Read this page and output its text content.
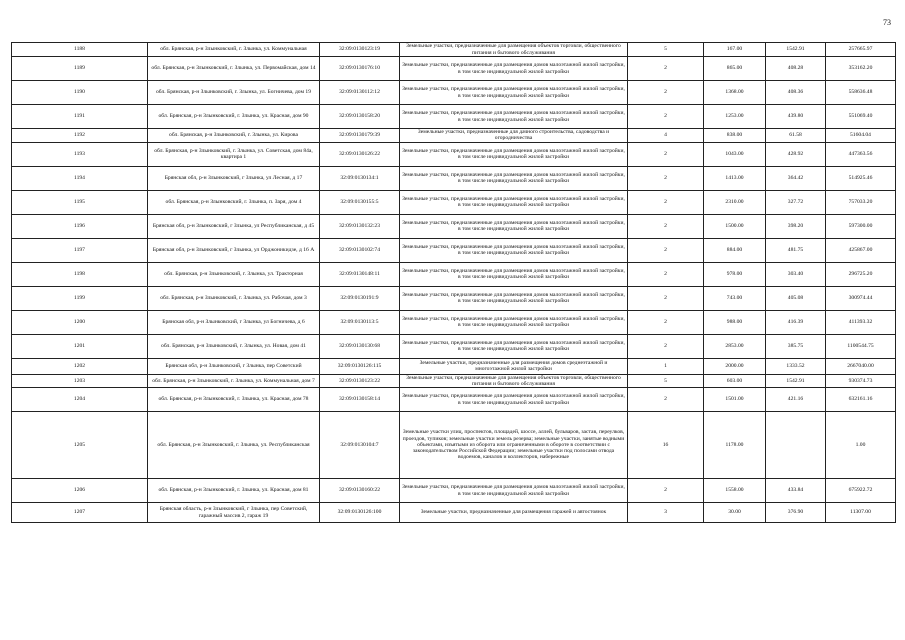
73
1188	обл. Брянская, р-н Злынковский, г. Злынка, ул. Коммунальная	32:09:0130123:19	Земельные участки, предназначенные для размещения объектов торговли, общественного питания и бытового обслуживания	5	167.00	1542.91	257665.97
1189	обл. Брянская, р-н Злынковский, г. Злынка, ул. Первомайская, дом 14	32:09:0130176:10	Земельные участки, предназначенные для размещения домов малоэтажной жилой застройки, в том числе индивидуальной жилой застройки	2	865.00	408.28	353162.20
1190	обл. Брянская, р-н Злынковский, г. Злынка, ул. Богничева, дом 19	32:09:0130112:12	Земельные участки, предназначенные для размещения домов малоэтажной жилой застройки, в том числе индивидуальной жилой застройки	2	1368.00	408.36	558636.48
1191	обл. Брянская, р-н Злынковский, г. Злынка, ул. Красная, дом 90	32:09:0130158:20	Земельные участки, предназначенные для размещения домов малоэтажной жилой застройки, в том числе индивидуальной жилой застройки	2	1253.00	439.80	551069.40
1192	обл. Брянская, р-н Злынковский, г. Злынка, ул. Кирова	32:09:0130179:39	Земельные участки, предназначенные для дачного строительства, садоводства и огородничества	4	838.00	61.58	51604.04
1193	обл. Брянская, р-н Злынковский, г. Злынка, ул. Советская, дом 84а, квартира 1	32:09:0130126:22	Земельные участки, предназначенные для размещения домов малоэтажной жилой застройки, в том числе индивидуальной жилой застройки	2	1043.00	428.92	447363.56
1194	Брянская обл, р-н Злынковский, г Злынка, ул Лесная, д 17	32:09:0130134:1	Земельные участки, предназначенные для размещения домов малоэтажной жилой застройки, в том числе индивидуальной жилой застройки	2	1413.00	364.42	514925.46
1195	обл. Брянская, р-н Злынковский, г. Злынка, п. Заря, дом 4	32:09:0130155:5	Земельные участки, предназначенные для размещения домов малоэтажной жилой застройки, в том числе индивидуальной жилой застройки	2	2310.00	327.72	757033.20
1196	Брянская обл, р-н Злынковский, г Злынка, ул Республиканская, д 45	32:09:0130132:23	Земельные участки, предназначенные для размещения домов малоэтажной жилой застройки, в том числе индивидуальной жилой застройки	2	1500.00	398.20	597300.00
1197	Брянская обл, р-н Злынковский, г Злынка, ул Орджоникидзе, д 16 А	32:09:0130102:74	Земельные участки, предназначенные для размещения домов малоэтажной жилой застройки, в том числе индивидуальной жилой застройки	2	884.00	481.75	425867.00
1198	обл. Брянская, р-н Злынковский, г. Злынка, ул. Тракторная	32:09:0130148:11	Земельные участки, предназначенные для размещения домов малоэтажной жилой застройки, в том числе индивидуальной жилой застройки	2	978.00	303.40	296725.20
1199	обл. Брянская, р-н Злынковский, г. Злынка, ул. Рабочая, дом 3	32:09:0130191:9	Земельные участки, предназначенные для размещения домов малоэтажной жилой застройки, в том числе индивидуальной жилой застройки	2	743.00	405.08	300974.44
1200	Брянская обл, р-н Злынковский, г Злынка, ул Богничева, д 6	32:09:0130113:5	Земельные участки, предназначенные для размещения домов малоэтажной жилой застройки, в том числе индивидуальной жилой застройки	2	988.00	416.39	411393.32
1201	обл. Брянская, р-н Злынковский, г. Злынка, ул. Новая, дом 41	32:09:0130130:68	Земельные участки, предназначенные для размещения домов малоэтажной жилой застройки, в том числе индивидуальной жилой застройки	2	2853.00	385.75	1100544.75
1202	Брянская обл, р-н Злынковский, г Злынка, пер Советский	32:09:0130126:115	Земельные участки, предназначенные для размещения домов среднеэтажной и многоэтажной жилой застройки	1	2000.00	1333.52	2667040.00
1203	обл. Брянская, р-н Злынковский, г. Злынка, ул. Коммунальная, дом 7	32:09:0130123:22	Земельные участки, предназначенные для размещения объектов торговли, общественного питания и бытового обслуживания	5	603.00	1542.91	930374.73
1204	обл. Брянская, р-н Злынковский, г. Злынка, ул. Красная, дом 78	32:09:0130158:14	Земельные участки, предназначенные для размещения домов малоэтажной жилой застройки, в том числе индивидуальной жилой застройки	2	1501.00	421.16	632161.16
1205	обл. Брянская, р-н Злынковский, г. Злынка, ул. Республиканская	32:09:0130104:7	Земельные участки улиц, проспектов, площадей, шоссе, аллей, бульваров, застав, переулков, проездов, тупиков; земельные участки земель резерва; земельные участки, занятые водными объектами, изъятыми из оборота или ограниченными в обороте в соответствии с законодательством Российской Федерации; земельные участки под полосами отвода водоемов, каналов и коллекторов, набережные	16	1178.00		1.00
1206	обл. Брянская, р-н Злынковский, г. Злынка, ул. Красная, дом 81	32:09:0130160:22	Земельные участки, предназначенные для размещения домов малоэтажной жилой застройки, в том числе индивидуальной жилой застройки	2	1558.00	433.84	675922.72
1207	Брянская область, р-н Злынковский, г Злынка, пер Советский, гаражный массив 2, гараж 19	32:09:0130126:100	Земельные участки, предназначенные для размещения гаражей и автостоянок	3	30.00	376.90	11307.00
